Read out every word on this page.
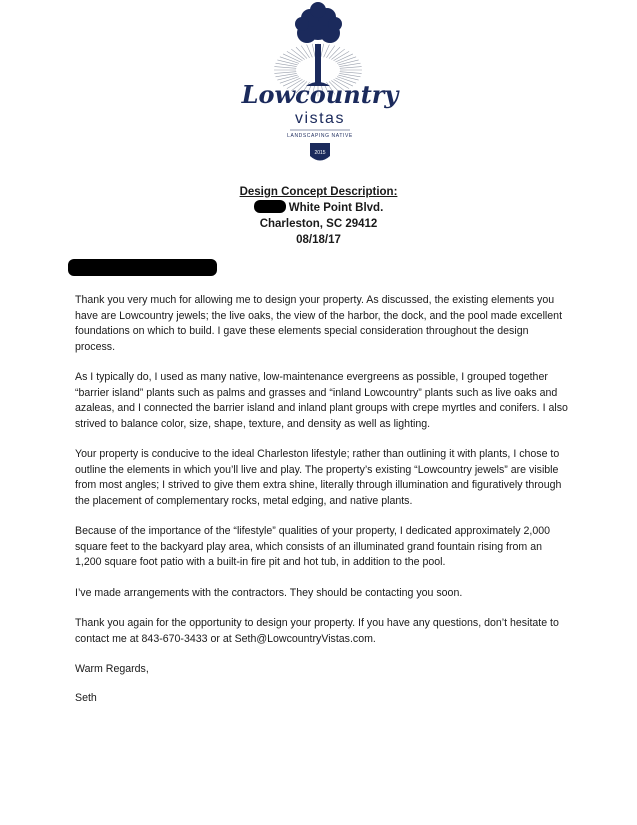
Lowcountry
vistas
LANDSCAPING NATIVE
2015
Design Concept Description:
White Point Blvd.
Charleston, SC 29412
08/18/17

Thank you very much for allowing me to design your property. As discussed, the existing elements you have are Lowcountry jewels; the live oaks, the view of the harbor, the dock, and the pool made excellent foundations on which to build. I gave these elements special consideration throughout the design process.

As I typically do, I used as many native, low-maintenance evergreens as possible, I grouped together “barrier island” plants such as palms and grasses and “inland Lowcountry” plants such as live oaks and azaleas, and I connected the barrier island and inland plant groups with crepe myrtles and conifers. I also strived to balance color, size, shape, texture, and density as well as lighting.

Your property is conducive to the ideal Charleston lifestyle; rather than outlining it with plants, I chose to outline the elements in which you’ll live and play. The property’s existing “Lowcountry jewels” are visible from most angles; I strived to give them extra shine, literally through illumination and figuratively through the placement of complementary rocks, metal edging, and native plants.

Because of the importance of the “lifestyle” qualities of your property, I dedicated approximately 2,000 square feet to the backyard play area, which consists of an illuminated grand fountain rising from an 1,200 square foot patio with a built-in fire pit and hot tub, in addition to the pool.

I’ve made arrangements with the contractors. They should be contacting you soon.

Thank you again for the opportunity to design your property. If you have any questions, don’t hesitate to contact me at 843-670-3433 or at Seth@LowcountryVistas.com.

Warm Regards,

Seth
